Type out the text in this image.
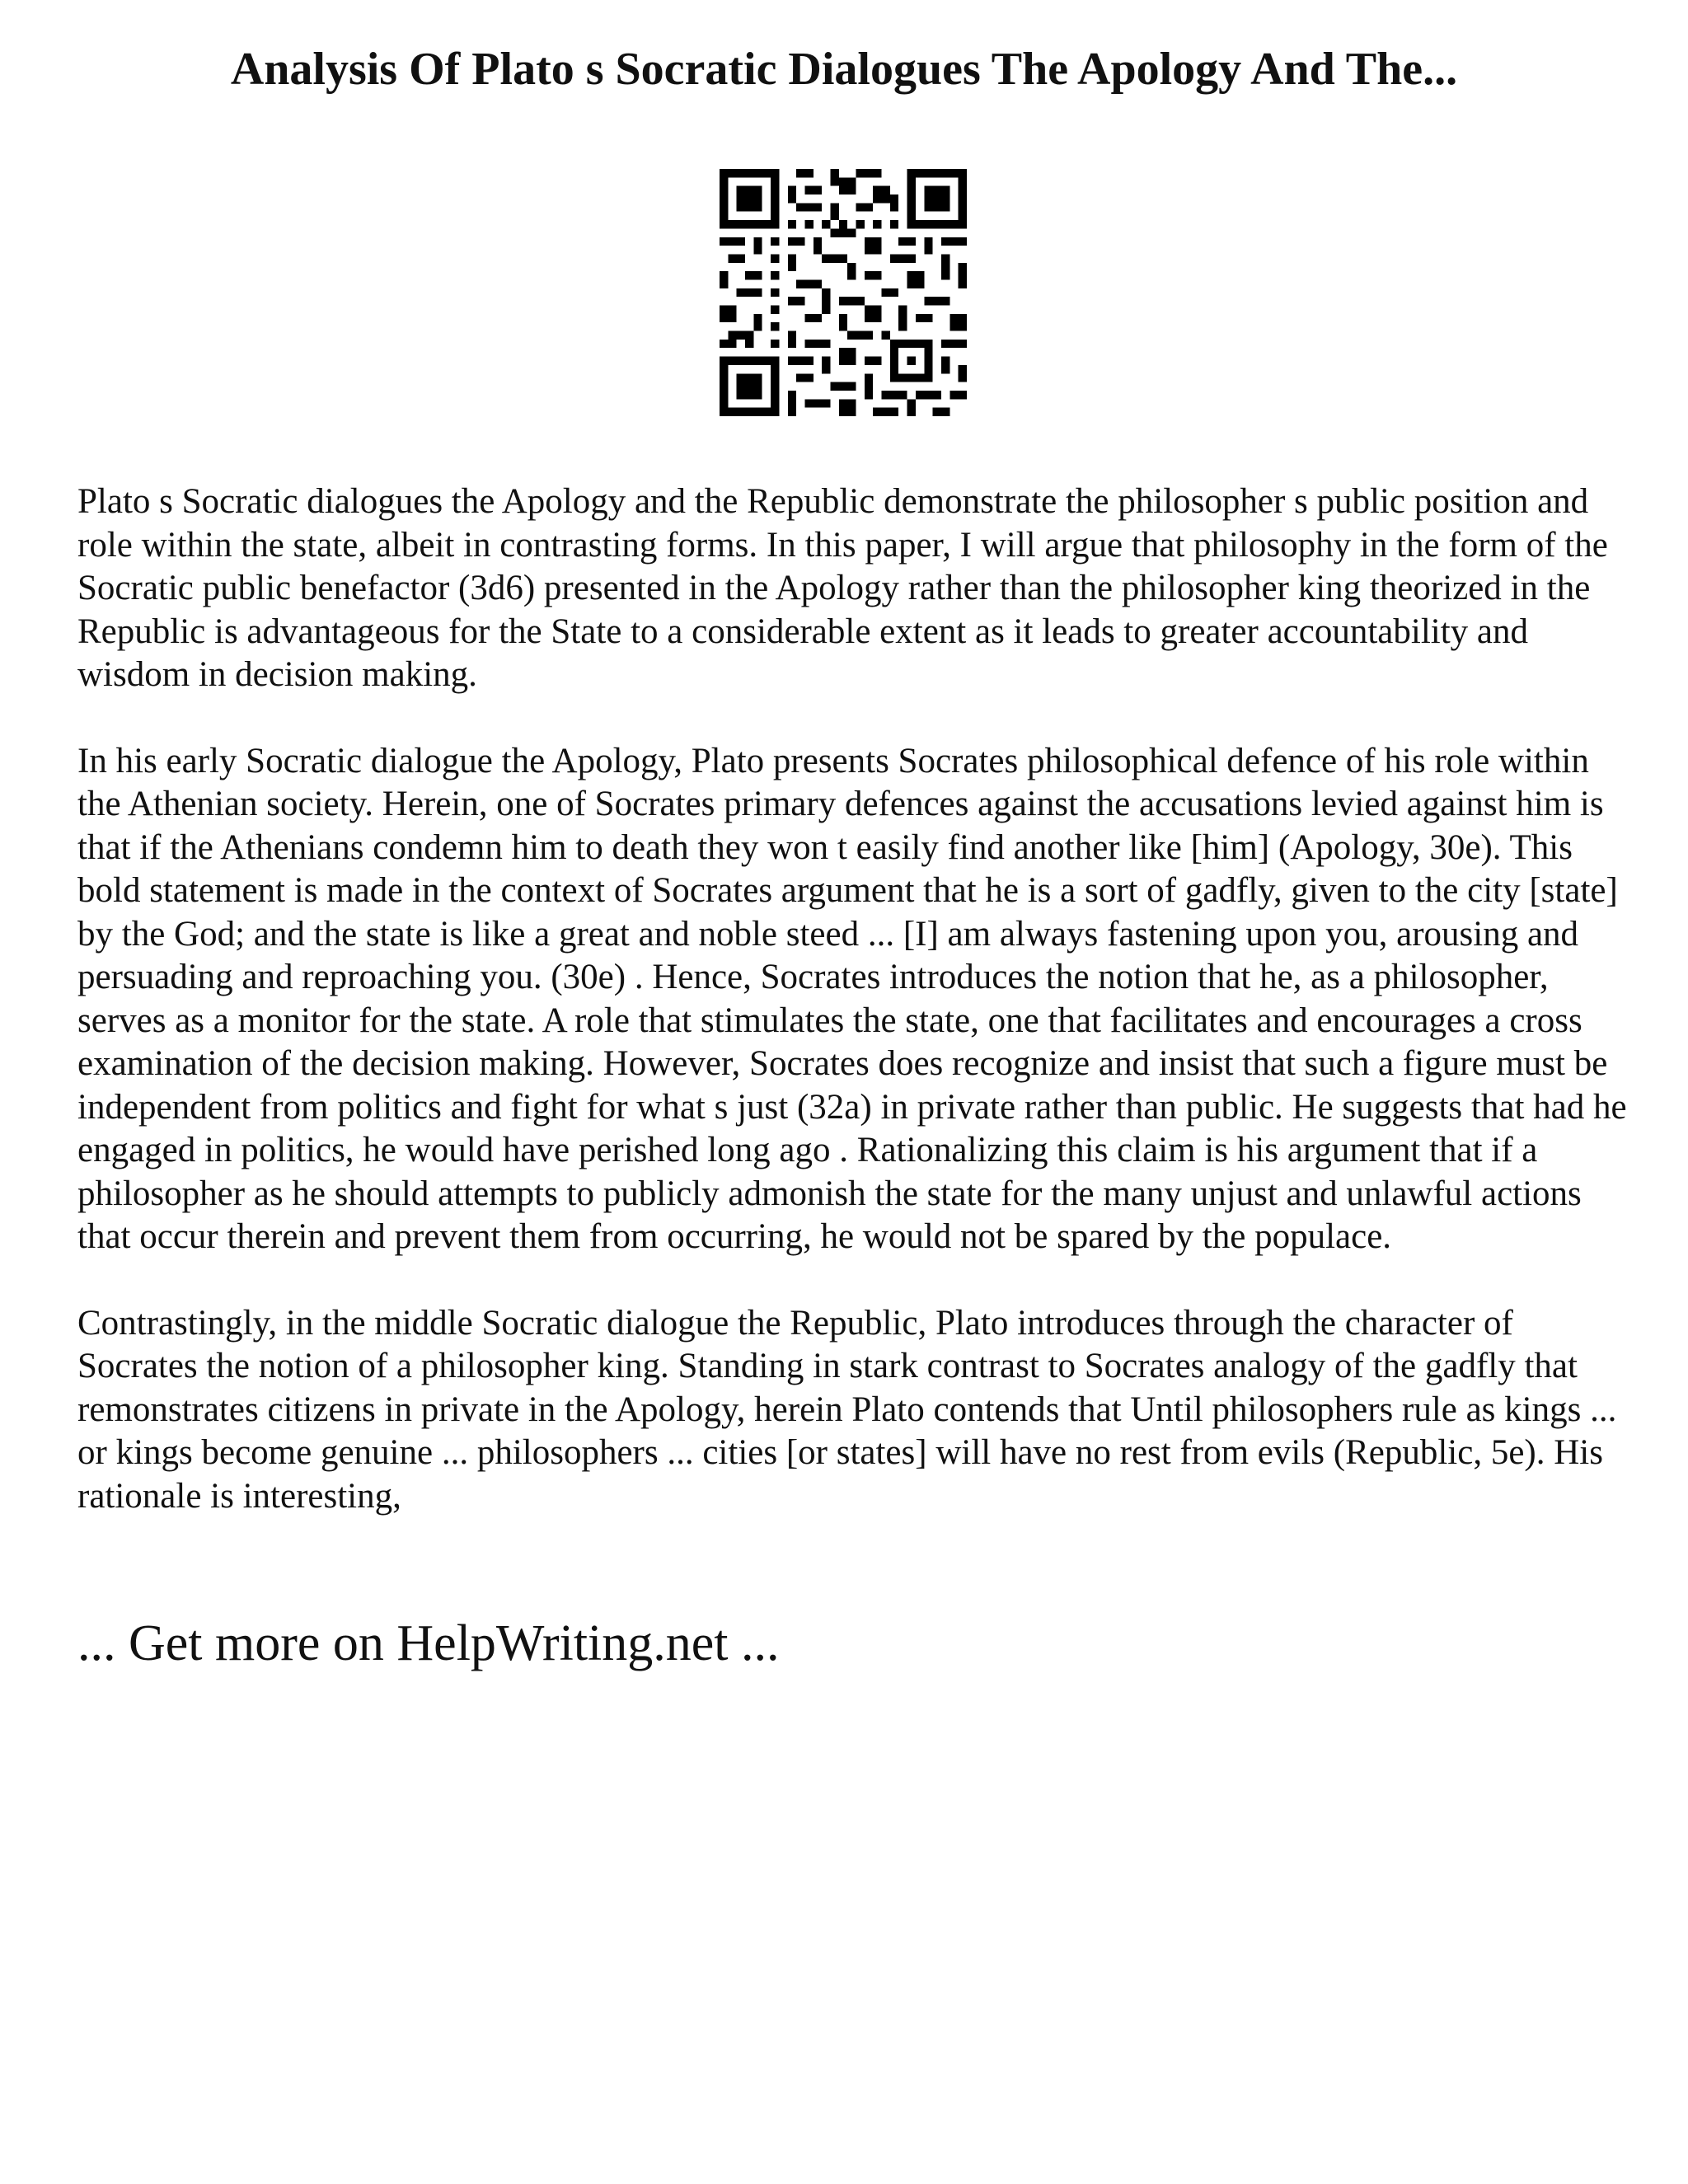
Analysis Of Plato s Socratic Dialogues The Apology And The...

Plato s Socratic dialogues the Apology and the Republic demonstrate the philosopher s public position and role within the state, albeit in contrasting forms. In this paper, I will argue that philosophy in the form of the Socratic public benefactor (3d6) presented in the Apology rather than the philosopher king theorized in the Republic is advantageous for the State to a considerable extent as it leads to greater accountability and wisdom in decision making.

In his early Socratic dialogue the Apology, Plato presents Socrates philosophical defence of his role within the Athenian society. Herein, one of Socrates primary defences against the accusations levied against him is that if the Athenians condemn him to death they won t easily find another like [him] (Apology, 30e). This bold statement is made in the context of Socrates argument that he is a sort of gadfly, given to the city [state] by the God; and the state is like a great and noble steed ... [I] am always fastening upon you, arousing and persuading and reproaching you. (30e) . Hence, Socrates introduces the notion that he, as a philosopher, serves as a monitor for the state. A role that stimulates the state, one that facilitates and encourages a cross examination of the decision making. However, Socrates does recognize and insist that such a figure must be independent from politics and fight for what s just (32a) in private rather than public. He suggests that had he engaged in politics, he would have perished long ago . Rationalizing this claim is his argument that if a philosopher as he should attempts to publicly admonish the state for the many unjust and unlawful actions that occur therein and prevent them from occurring, he would not be spared by the populace.

Contrastingly, in the middle Socratic dialogue the Republic, Plato introduces through the character of Socrates the notion of a philosopher king. Standing in stark contrast to Socrates analogy of the gadfly that remonstrates citizens in private in the Apology, herein Plato contends that Until philosophers rule as kings ... or kings become genuine ... philosophers ... cities [or states] will have no rest from evils (Republic, 5e). His rationale is interesting,

... Get more on HelpWriting.net ...
